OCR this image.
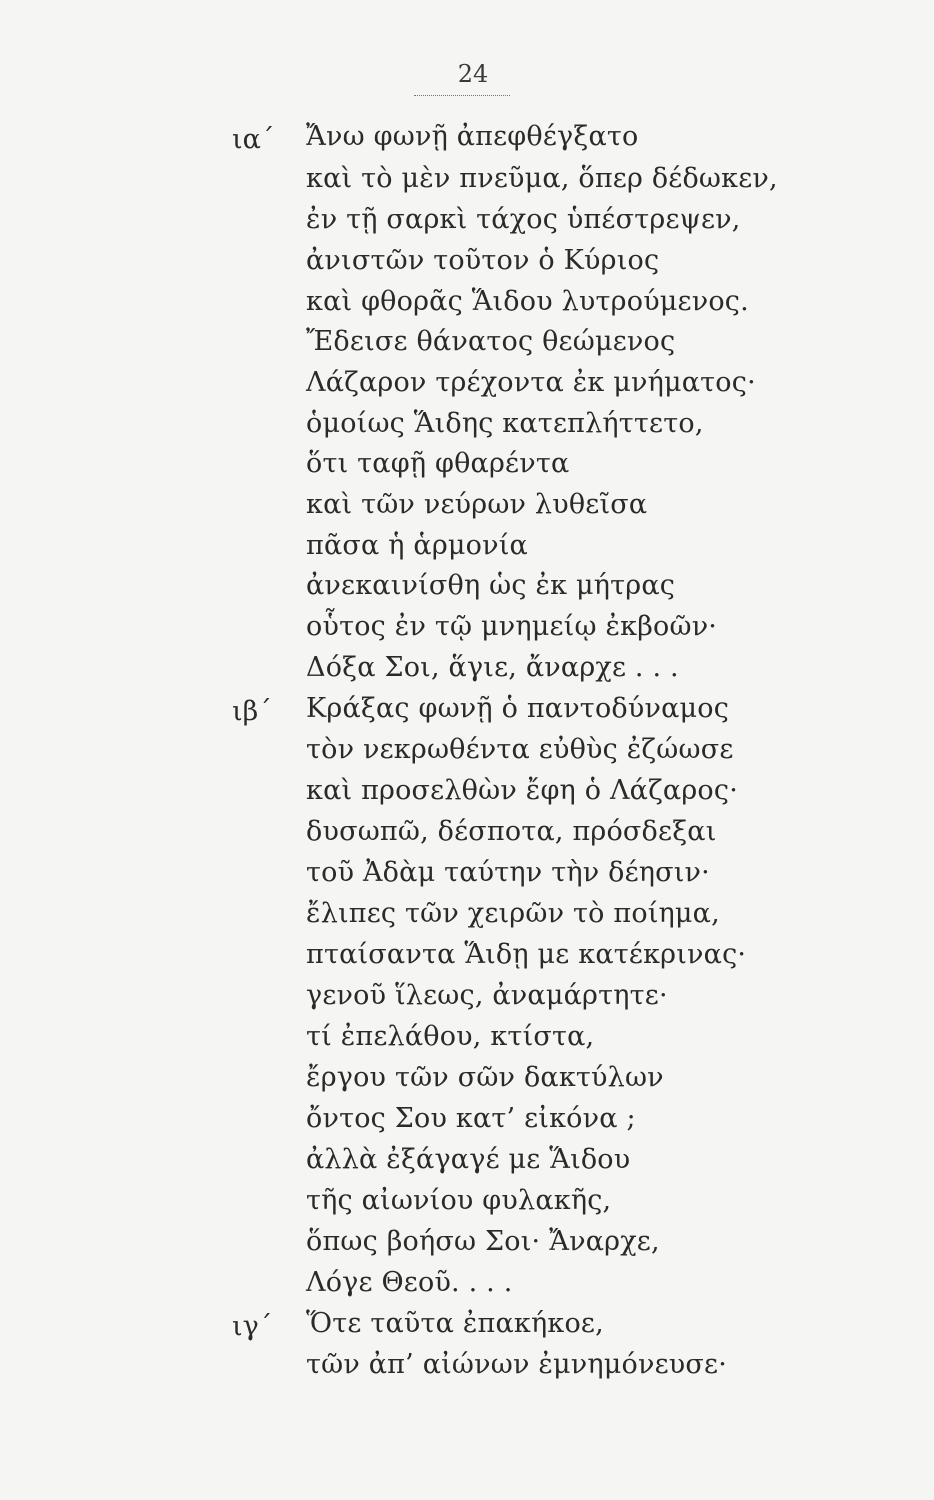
24
ια΄ Ἄνω φωνῇ ἀπεφθέγξατο
καὶ τὸ μὲν πνεῦμα, ὅπερ δέδωκεν,
ἐν τῇ σαρκὶ τάχος ὑπέστρεψεν,
ἀνιστῶν τοῦτον ὁ Κύριος
καὶ φθορᾶς Ἅιδου λυτρούμενος.
Ἔδεισε θάνατος θεώμενος
Λάζαρον τρέχοντα ἐκ μνήματος·
ὁμοίως Ἅιδης κατεπλήττετο,
ὅτι ταφῇ φθαρέντα
καὶ τῶν νεύρων λυθεῖσα
πᾶσα ἡ ἁρμονία
ἀνεκαινίσθη ὡς ἐκ μήτρας
οὗτος ἐν τῷ μνημείῳ ἐκβοῶν·
Δόξα Σοι, ἅγιε, ἄναρχε . . .
ιβ΄ Κράξας φωνῇ ὁ παντοδύναμος
τὸν νεκρωθέντα εὐθὺς ἐζώωσε
καὶ προσελθὼν ἔφη ὁ Λάζαρος·
δυσωπῶ, δέσποτα, πρόσδεξαι
τοῦ Ἀδὰμ ταύτην τὴν δέησιν·
ἔλιπες τῶν χειρῶν τὸ ποίημα,
πταίσαντα Ἅιδῃ με κατέκρινας·
γενοῦ ἵλεως, ἀναμάρτητε·
τί ἐπελάθου, κτίστα,
ἔργου τῶν σῶν δακτύλων
ὄντος Σου κατ’ εἰκόνα ;
ἀλλὰ ἐξάγαγέ με Ἅιδου
τῆς αἰωνίου φυλακῆς,
ὅπως βοήσω Σοι· Ἄναρχε,
Λόγε Θεοῦ. . . .
ιγ΄ Ὅτε ταῦτα ἐπακήκοε,
τῶν ἀπ’ αἰώνων ἐμνημόνευσε·
